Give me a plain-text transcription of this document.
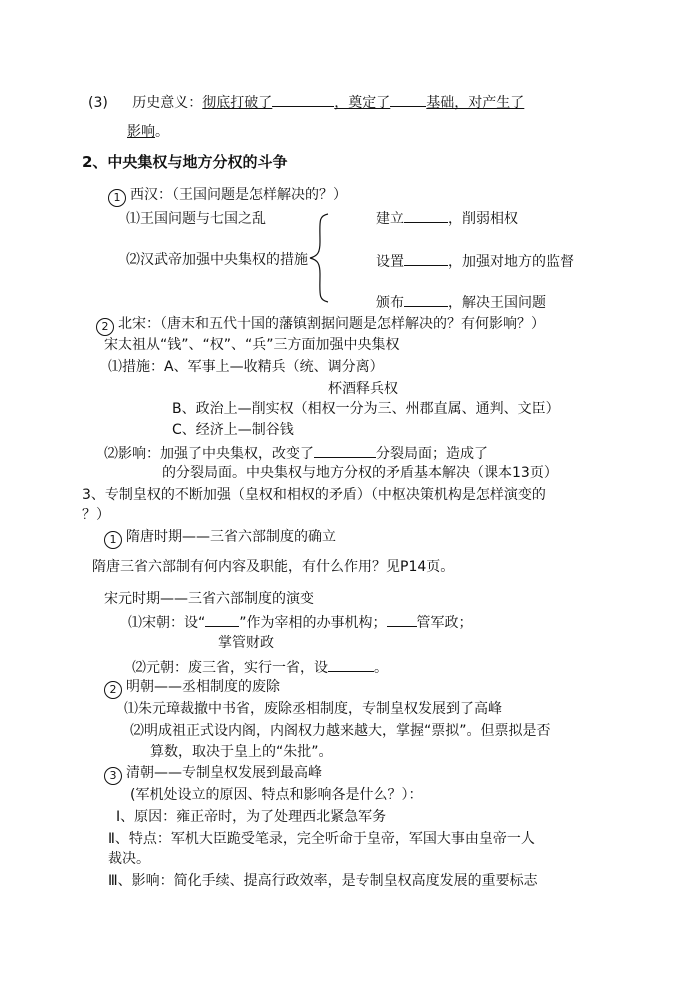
(3) 历史意义：彻底打破了	，奠定了	基础，对产生了
影响。
2、中央集权与地方分权的斗争
1 西汉：（王国问题是怎样解决的？）
⑴王国问题与七国之乱
⑵汉武帝加强中央集权的措施
建立	，削弱相权
设置	，加强对地方的监督
颁布	，解决王国问题
2 北宋：（唐末和五代十国的藩镇割据问题是怎样解决的？有何影响？）
宋太祖从“钱”、“权”、“兵”三方面加强中央集权
⑴措施：A、军事上—收精兵（统、调分离）
杯酒释兵权
B、政治上—削实权（相权一分为三、州郡直属、通判、文臣）
C、经济上—制谷钱
⑵影响：加强了中央集权，改变了	分裂局面；造成了
的分裂局面。中央集权与地方分权的矛盾基本解决（课本13页）
3、专制皇权的不断加强（皇权和相权的矛盾）（中枢决策机构是怎样演变的
？）
1 隋唐时期——三省六部制度的确立
隋唐三省六部制有何内容及职能，有什么作用？见P14页。
宋元时期——三省六部制度的演变
⑴宋朝：设“ ”作为宰相的办事机构； 管军政；
掌管财政
⑵元朝：废三省，实行一省，设	。
2 明朝——丞相制度的废除
⑴朱元璋裁撤中书省，废除丞相制度，专制皇权发展到了高峰
⑵明成祖正式设内阁，内阁权力越来越大，掌握“票拟”。但票拟是否
算数，取决于皇上的“朱批”。
3 清朝——专制皇权发展到最高峰
(军机处设立的原因、特点和影响各是什么？）：
Ⅰ、原因：雍正帝时，为了处理西北紧急军务
Ⅱ、特点：军机大臣跪受笔录，完全听命于皇帝，军国大事由皇帝一人
裁决。
Ⅲ、影响：简化手续、提高行政效率，是专制皇权高度发展的重要标志
